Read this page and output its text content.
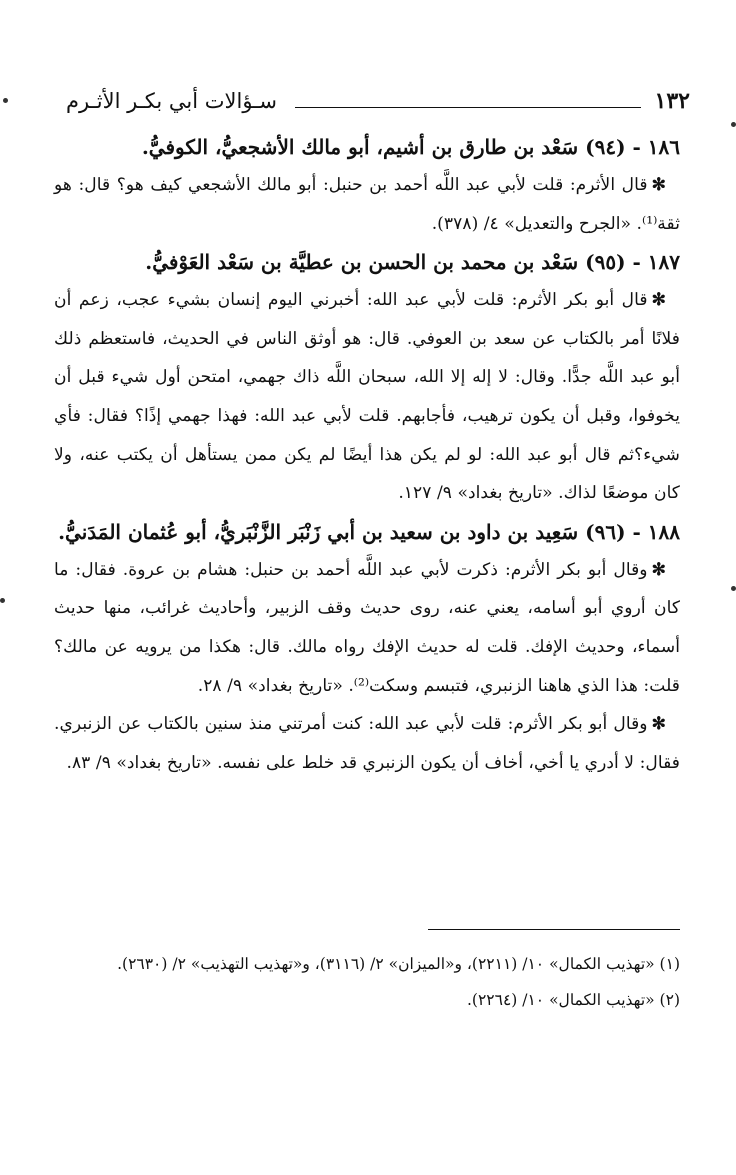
١٣٢
سـؤالات أبي بكـر الأثـرم

١٨٦ - (٩٤) سَعْد بن طارق بن أشيم، أبو مالك الأشجعيُّ، الكوفيُّ.

✻قال الأثرم: قلت لأبي عبد اللَّه أحمد بن حنبل: أبو مالك الأشجعي كيف هو؟ قال: هو ثقة⁽¹⁾. «الجرح والتعديل» ٤/ (٣٧٨).

١٨٧ - (٩٥) سَعْد بن محمد بن الحسن بن عطيَّة بن سَعْد العَوْفيُّ.

✻قال أبو بكر الأثرم: قلت لأبي عبد الله: أخبرني اليوم إنسان بشيء عجب، زعم أن فلانًا أمر بالكتاب عن سعد بن العوفي. قال: هو أوثق الناس في الحديث، فاستعظم ذلك أبو عبد اللَّه جدًّا. وقال: لا إله إلا الله، سبحان اللَّه ذاك جهمي، امتحن أول شيء قبل أن يخوفوا، وقبل أن يكون ترهيب، فأجابهم. قلت لأبي عبد الله: فهذا جهمي إذًا؟ فقال: فأي شيء؟ثم قال أبو عبد الله: لو لم يكن هذا أيضًا لم يكن ممن يستأهل أن يكتب عنه، ولا كان موضعًا لذاك. «تاريخ بغداد» ٩/ ١٢٧.

١٨٨ - (٩٦) سَعِيد بن داود بن سعيد بن أبي زَنْبَر الزَّنْبَريُّ، أبو عُثمان المَدَنيُّ.

✻وقال أبو بكر الأثرم: ذكرت لأبي عبد اللَّه أحمد بن حنبل: هشام بن عروة. فقال: ما كان أروي أبو أسامه، يعني عنه، روى حديث وقف الزبير، وأحاديث غرائب، منها حديث أسماء، وحديث الإفك. قلت له حديث الإفك رواه مالك. قال: هكذا من يرويه عن مالك؟ قلت: هذا الذي هاهنا الزنبري، فتبسم وسكت⁽²⁾. «تاريخ بغداد» ٩/ ٢٨.

✻وقال أبو بكر الأثرم: قلت لأبي عبد الله: كنت أمرتني منذ سنين بالكتاب عن الزنبري. فقال: لا أدري يا أخي، أخاف أن يكون الزنبري قد خلط على نفسه. «تاريخ بغداد» ٩/ ٨٣.

(١) «تهذيب الكمال» ١٠/ (٢٢١١)، و«الميزان» ٢/ (٣١١٦)، و«تهذيب التهذيب» ٢/ (٢٦٣٠).

(٢) «تهذيب الكمال» ١٠/ (٢٢٦٤).
